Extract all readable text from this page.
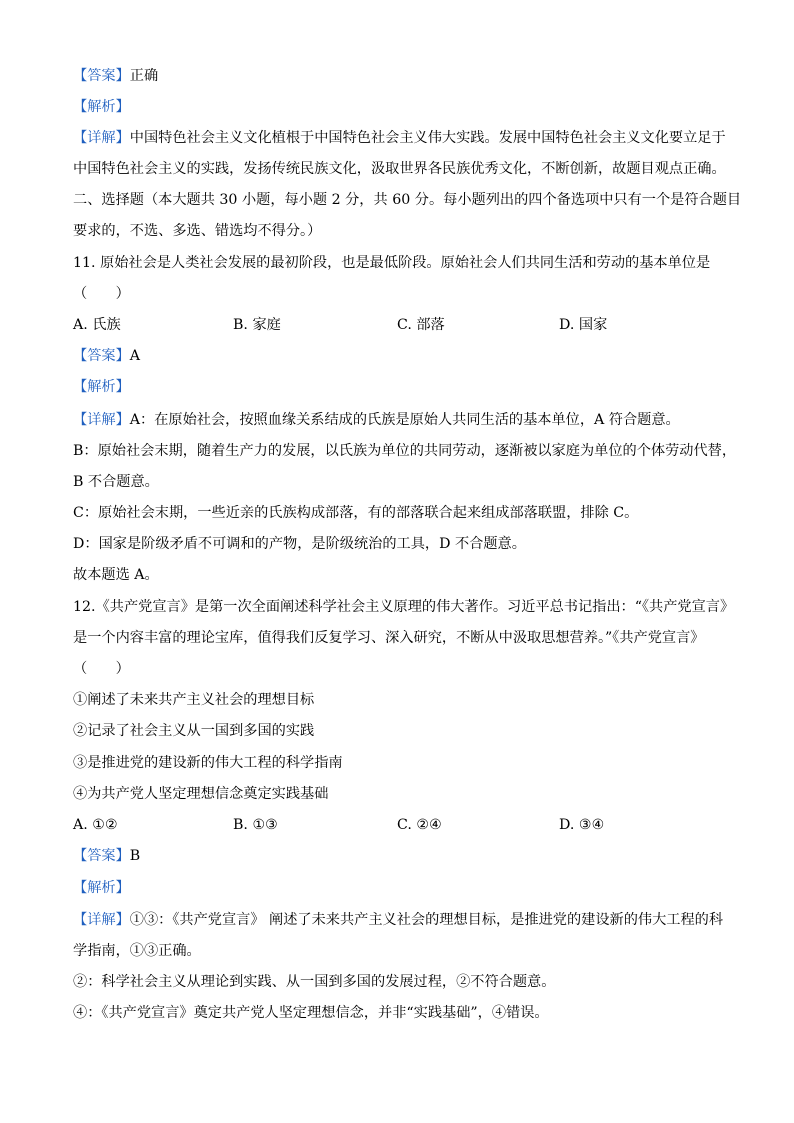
【答案】正确
【解析】
【详解】中国特色社会主义文化植根于中国特色社会主义伟大实践。发展中国特色社会主义文化要立足于
中国特色社会主义的实践，发扬传统民族文化，汲取世界各民族优秀文化，不断创新，故题目观点正确。
二、选择题（本大题共 30 小题，每小题 2 分，共 60 分。每小题列出的四个备选项中只有一个是符合题目
要求的，不选、多选、错选均不得分。）
11. 原始社会是人类社会发展的最初阶段，也是最低阶段。原始社会人们共同生活和劳动的基本单位是
（　　）
A. 氏族	B. 家庭	C. 部落	D. 国家
【答案】A
【解析】
【详解】A：在原始社会，按照血缘关系结成的氏族是原始人共同生活的基本单位，A 符合题意。
B：原始社会末期，随着生产力的发展，以氏族为单位的共同劳动，逐渐被以家庭为单位的个体劳动代替，
B 不合题意。
C：原始社会末期，一些近亲的氏族构成部落，有的部落联合起来组成部落联盟，排除 C。
D：国家是阶级矛盾不可调和的产物，是阶级统治的工具，D 不合题意。
故本题选 A。
12.《共产党宣言》是第一次全面阐述科学社会主义原理的伟大著作。习近平总书记指出：“《共产党宣言》
是一个内容丰富的理论宝库，值得我们反复学习、深入研究，不断从中汲取思想营养。”《共产党宣言》
（　　）
①阐述了未来共产主义社会的理想目标
②记录了社会主义从一国到多国的实践
③是推进党的建设新的伟大工程的科学指南
④为共产党人坚定理想信念奠定实践基础
A. ①②	B. ①③	C. ②④	D. ③④
【答案】B
【解析】
【详解】①③：《共产党宣言》 阐述了未来共产主义社会的理想目标，是推进党的建设新的伟大工程的科
学指南，①③正确。
②：科学社会主义从理论到实践、从一国到多国的发展过程，②不符合题意。
④：《共产党宣言》奠定共产党人坚定理想信念，并非“实践基础”，④错误。
